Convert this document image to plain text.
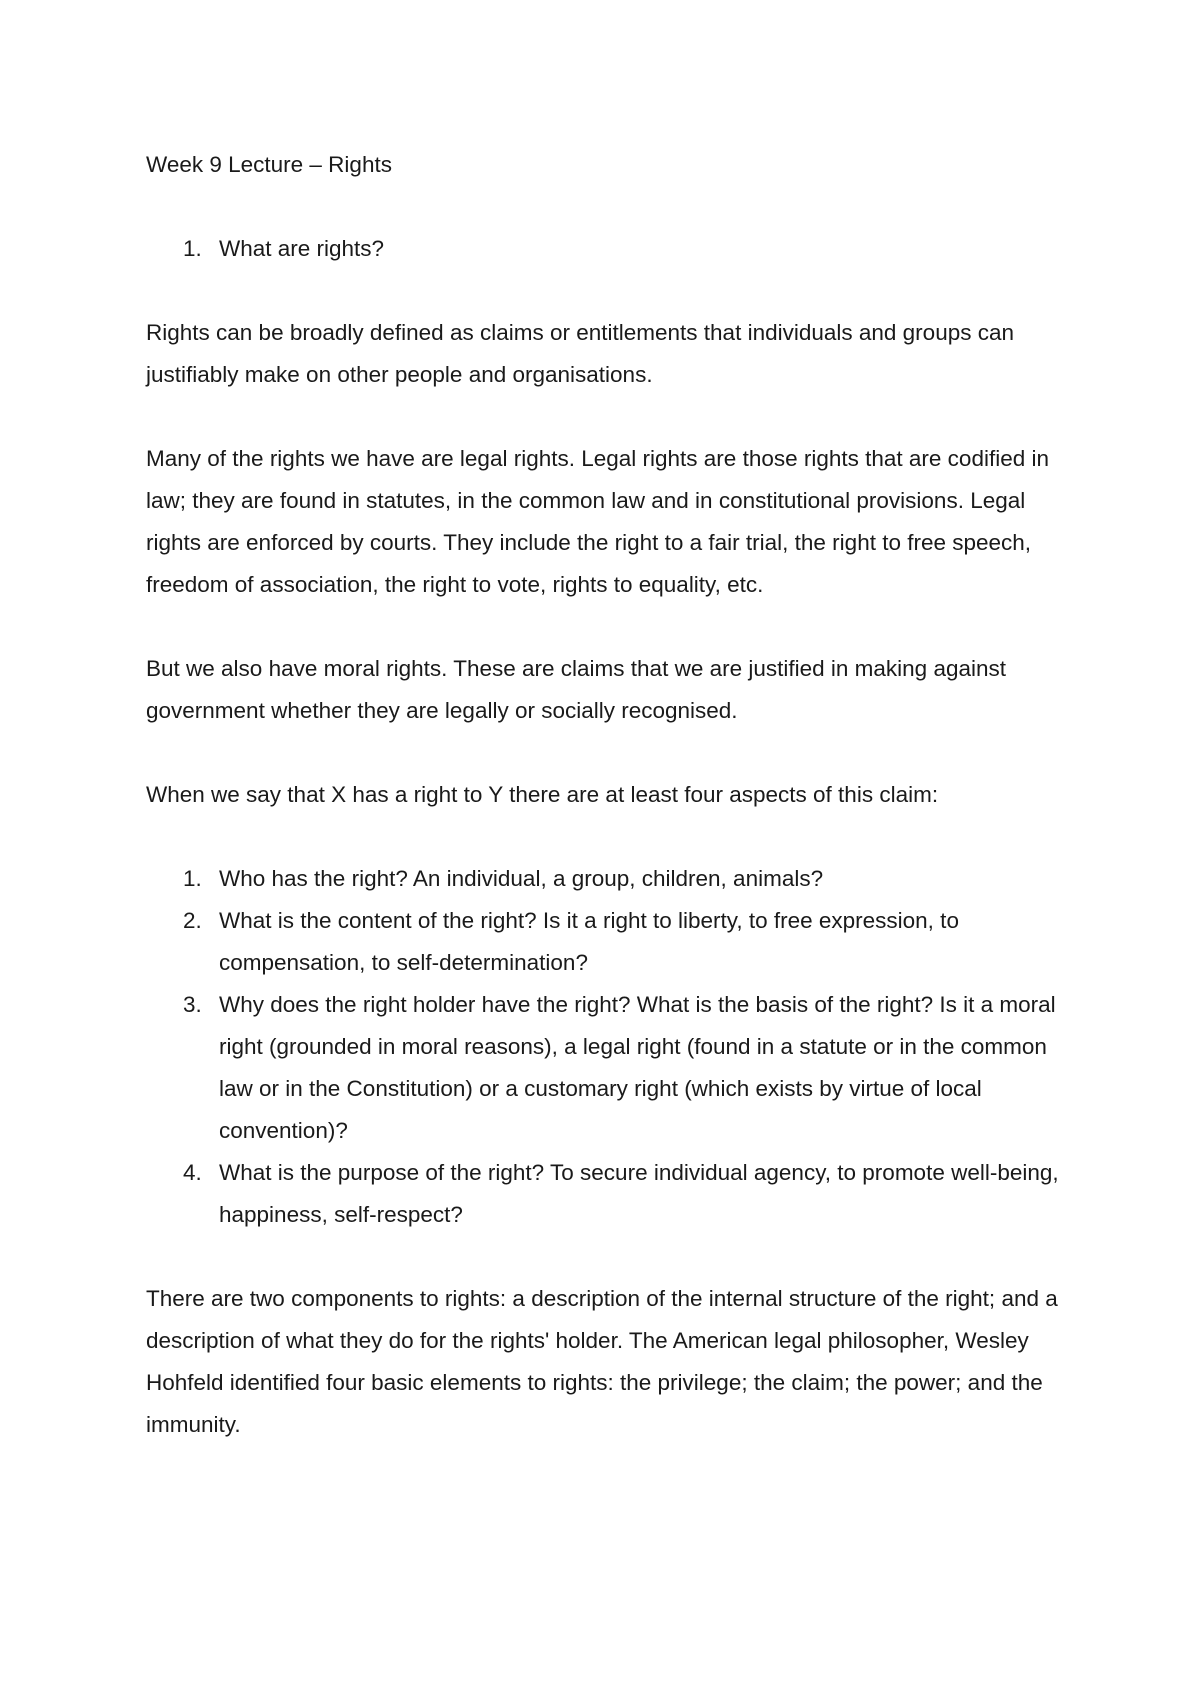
Week 9 Lecture – Rights
1. What are rights?

Rights can be broadly defined as claims or entitlements that individuals and groups can justifiably make on other people and organisations.

Many of the rights we have are legal rights. Legal rights are those rights that are codified in law; they are found in statutes, in the common law and in constitutional provisions. Legal rights are enforced by courts. They include the right to a fair trial, the right to free speech, freedom of association, the right to vote, rights to equality, etc.

But we also have moral rights. These are claims that we are justified in making against government whether they are legally or socially recognised.

When we say that X has a right to Y there are at least four aspects of this claim:

1. Who has the right? An individual, a group, children, animals?
2. What is the content of the right? Is it a right to liberty, to free expression, to compensation, to self-determination?
3. Why does the right holder have the right? What is the basis of the right? Is it a moral right (grounded in moral reasons), a legal right (found in a statute or in the common law or in the Constitution) or a customary right (which exists by virtue of local convention)?
4. What is the purpose of the right? To secure individual agency, to promote well-being, happiness, self-respect?

There are two components to rights: a description of the internal structure of the right; and a description of what they do for the rights' holder. The American legal philosopher, Wesley Hohfeld identified four basic elements to rights: the privilege; the claim; the power; and the immunity.
